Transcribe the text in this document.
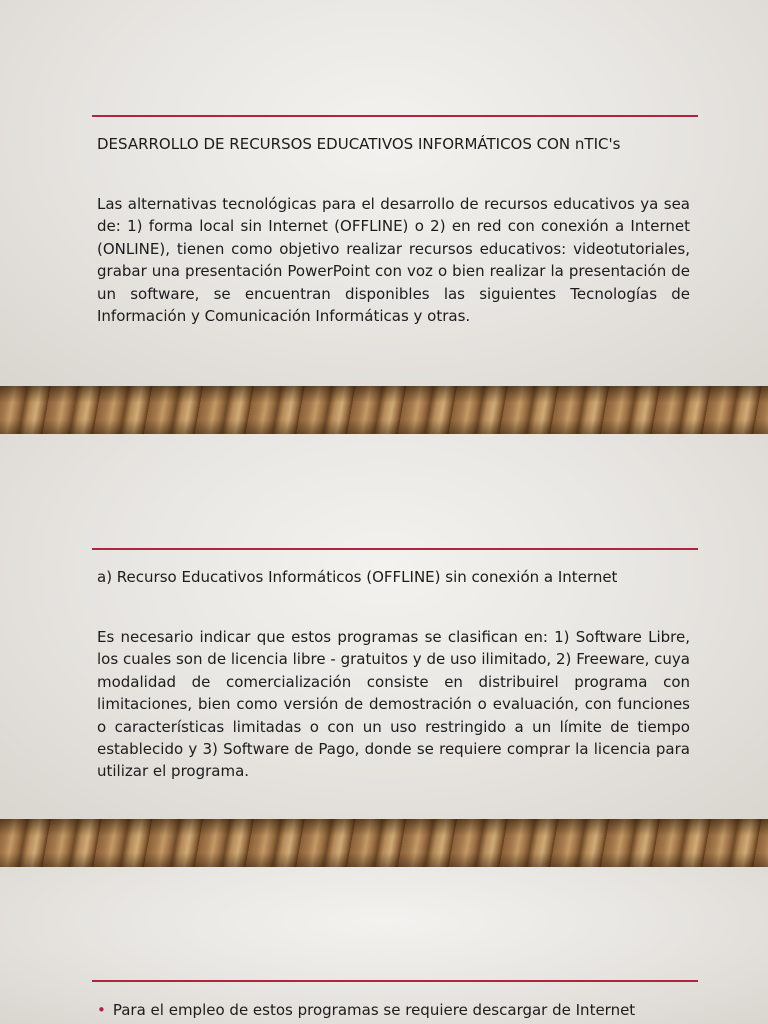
DESARROLLO DE RECURSOS EDUCATIVOS INFORMÁTICOS CON nTIC's
Las alternativas tecnológicas para el desarrollo de recursos educativos ya sea de: 1) forma local sin Internet (OFFLINE) o 2) en red con conexión a Internet (ONLINE), tienen como objetivo realizar recursos educativos: videotutoriales, grabar una presentación PowerPoint con voz o bien realizar la presentación de un software, se encuentran disponibles las siguientes Tecnologías de Información y Comunicación Informáticas y otras.
a) Recurso Educativos Informáticos (OFFLINE) sin conexión a Internet
Es necesario indicar que estos programas se clasifican en: 1) Software Libre, los cuales son de licencia libre - gratuitos y de uso ilimitado, 2) Freeware, cuya modalidad de comercialización consiste en distribuirel programa con limitaciones, bien como versión de demostración o evaluación, con funciones o características limitadas o con un uso restringido a un límite de tiempo establecido y 3) Software de Pago, donde se requiere comprar la licencia para utilizar el programa.
• Para el empleo de estos programas se requiere descargar de Internet
